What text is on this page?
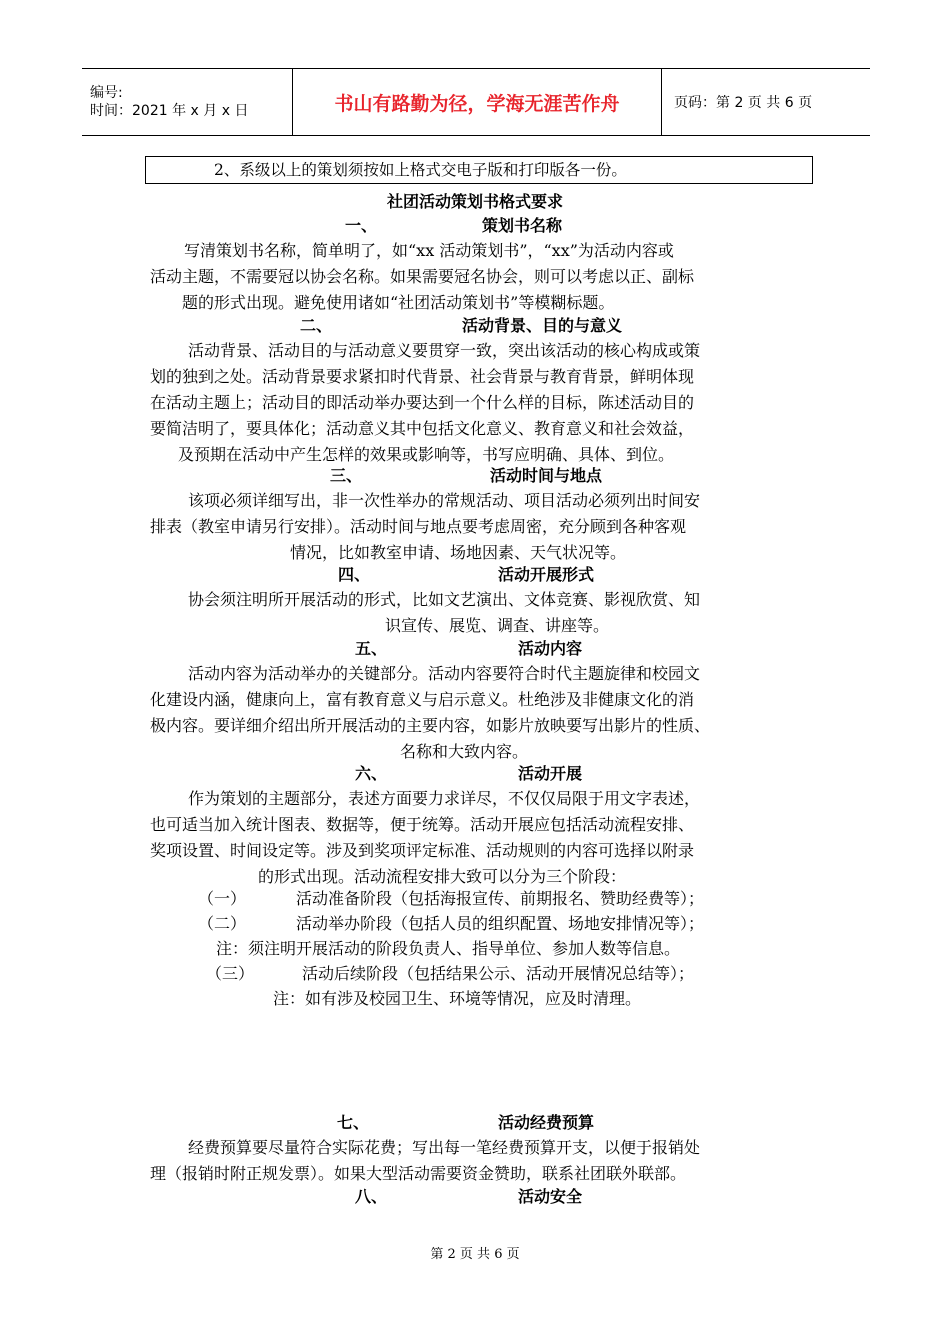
编号:
时间：2021 年 x 月 x 日	书山有路勤为径，学海无涯苦作舟	页码：第 2 页 共 6 页
2、系级以上的策划须按如上格式交电子版和打印版各一份。
社团活动策划书格式要求
一、	策划书名称
写清策划书名称，简单明了，如“xx 活动策划书”，“xx”为活动内容或
活动主题，不需要冠以协会名称。如果需要冠名协会，则可以考虑以正、副标
题的形式出现。避免使用诸如“社团活动策划书”等模糊标题。
二、	活动背景、目的与意义
活动背景、活动目的与活动意义要贯穿一致，突出该活动的核心构成或策
划的独到之处。活动背景要求紧扣时代背景、社会背景与教育背景，鲜明体现
在活动主题上；活动目的即活动举办要达到一个什么样的目标，陈述活动目的
要简洁明了，要具体化；活动意义其中包括文化意义、教育意义和社会效益，
及预期在活动中产生怎样的效果或影响等，书写应明确、具体、到位。
三、	活动时间与地点
该项必须详细写出，非一次性举办的常规活动、项目活动必须列出时间安
排表（教室申请另行安排）。活动时间与地点要考虑周密，充分顾到各种客观
情况，比如教室申请、场地因素、天气状况等。
四、	活动开展形式
协会须注明所开展活动的形式，比如文艺演出、文体竞赛、影视欣赏、知
识宣传、展览、调查、讲座等。
五、	活动内容
活动内容为活动举办的关键部分。活动内容要符合时代主题旋律和校园文
化建设内涵，健康向上，富有教育意义与启示意义。杜绝涉及非健康文化的消
极内容。要详细介绍出所开展活动的主要内容，如影片放映要写出影片的性质、
名称和大致内容。
六、	活动开展
作为策划的主题部分，表述方面要力求详尽，不仅仅局限于用文字表述，
也可适当加入统计图表、数据等，便于统筹。活动开展应包括活动流程安排、
奖项设置、时间设定等。涉及到奖项评定标准、活动规则的内容可选择以附录
的形式出现。活动流程安排大致可以分为三个阶段：
（一）	活动准备阶段（包括海报宣传、前期报名、赞助经费等）；
（二）	活动举办阶段（包括人员的组织配置、场地安排情况等）；
注：须注明开展活动的阶段负责人、指导单位、参加人数等信息。
（三）	活动后续阶段（包括结果公示、活动开展情况总结等）；
注：如有涉及校园卫生、环境等情况，应及时清理。
七、	活动经费预算
经费预算要尽量符合实际花费；写出每一笔经费预算开支，以便于报销处
理（报销时附正规发票）。如果大型活动需要资金赞助，联系社团联外联部。
八、	活动安全
第 2 页 共 6 页
